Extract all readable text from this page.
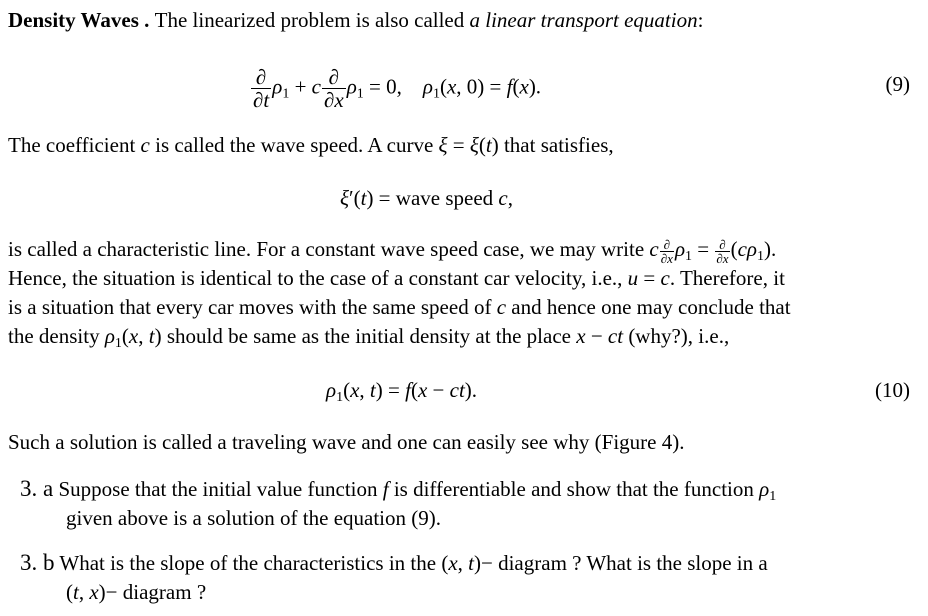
Density Waves . The linearized problem is also called a linear transport equation:
$\frac{\partial}{\partial t} \rho_1 + c \frac{\partial}{\partial x} \rho_1 = 0$,    $\rho_1(x$, 0) = f(x).	(9)
The coefficient c is called the wave speed. A curve ξ = ξ(t) that satisfies,
ξ′(t) = wave speed c,
is called a characteristic line. For a constant wave speed case, we may write c ∂
∂x $\rho_1$ = ∂
∂x $(c\rho_1)$.
Hence, the situation is identical to the case of a constant car velocity, i.e., u = c. Therefore, it
is a situation that every car moves with the same speed of c and hence one may conclude that
the density $\rho_1(x$, t) should be same as the initial density at the place x − ct (why?), i.e.,
$\rho_1(x$, t) = f(x − ct).	(10)
Such a solution is called a traveling wave and one can easily see why (Figure 4).
3. a Suppose that the initial value function f is differentiable and show that the function $\rho_1$
given above is a solution of the equation (9).
3. b What is the slope of the characteristics in the (x, t)− diagram ? What is the slope in a
(t, x)− diagram ?
